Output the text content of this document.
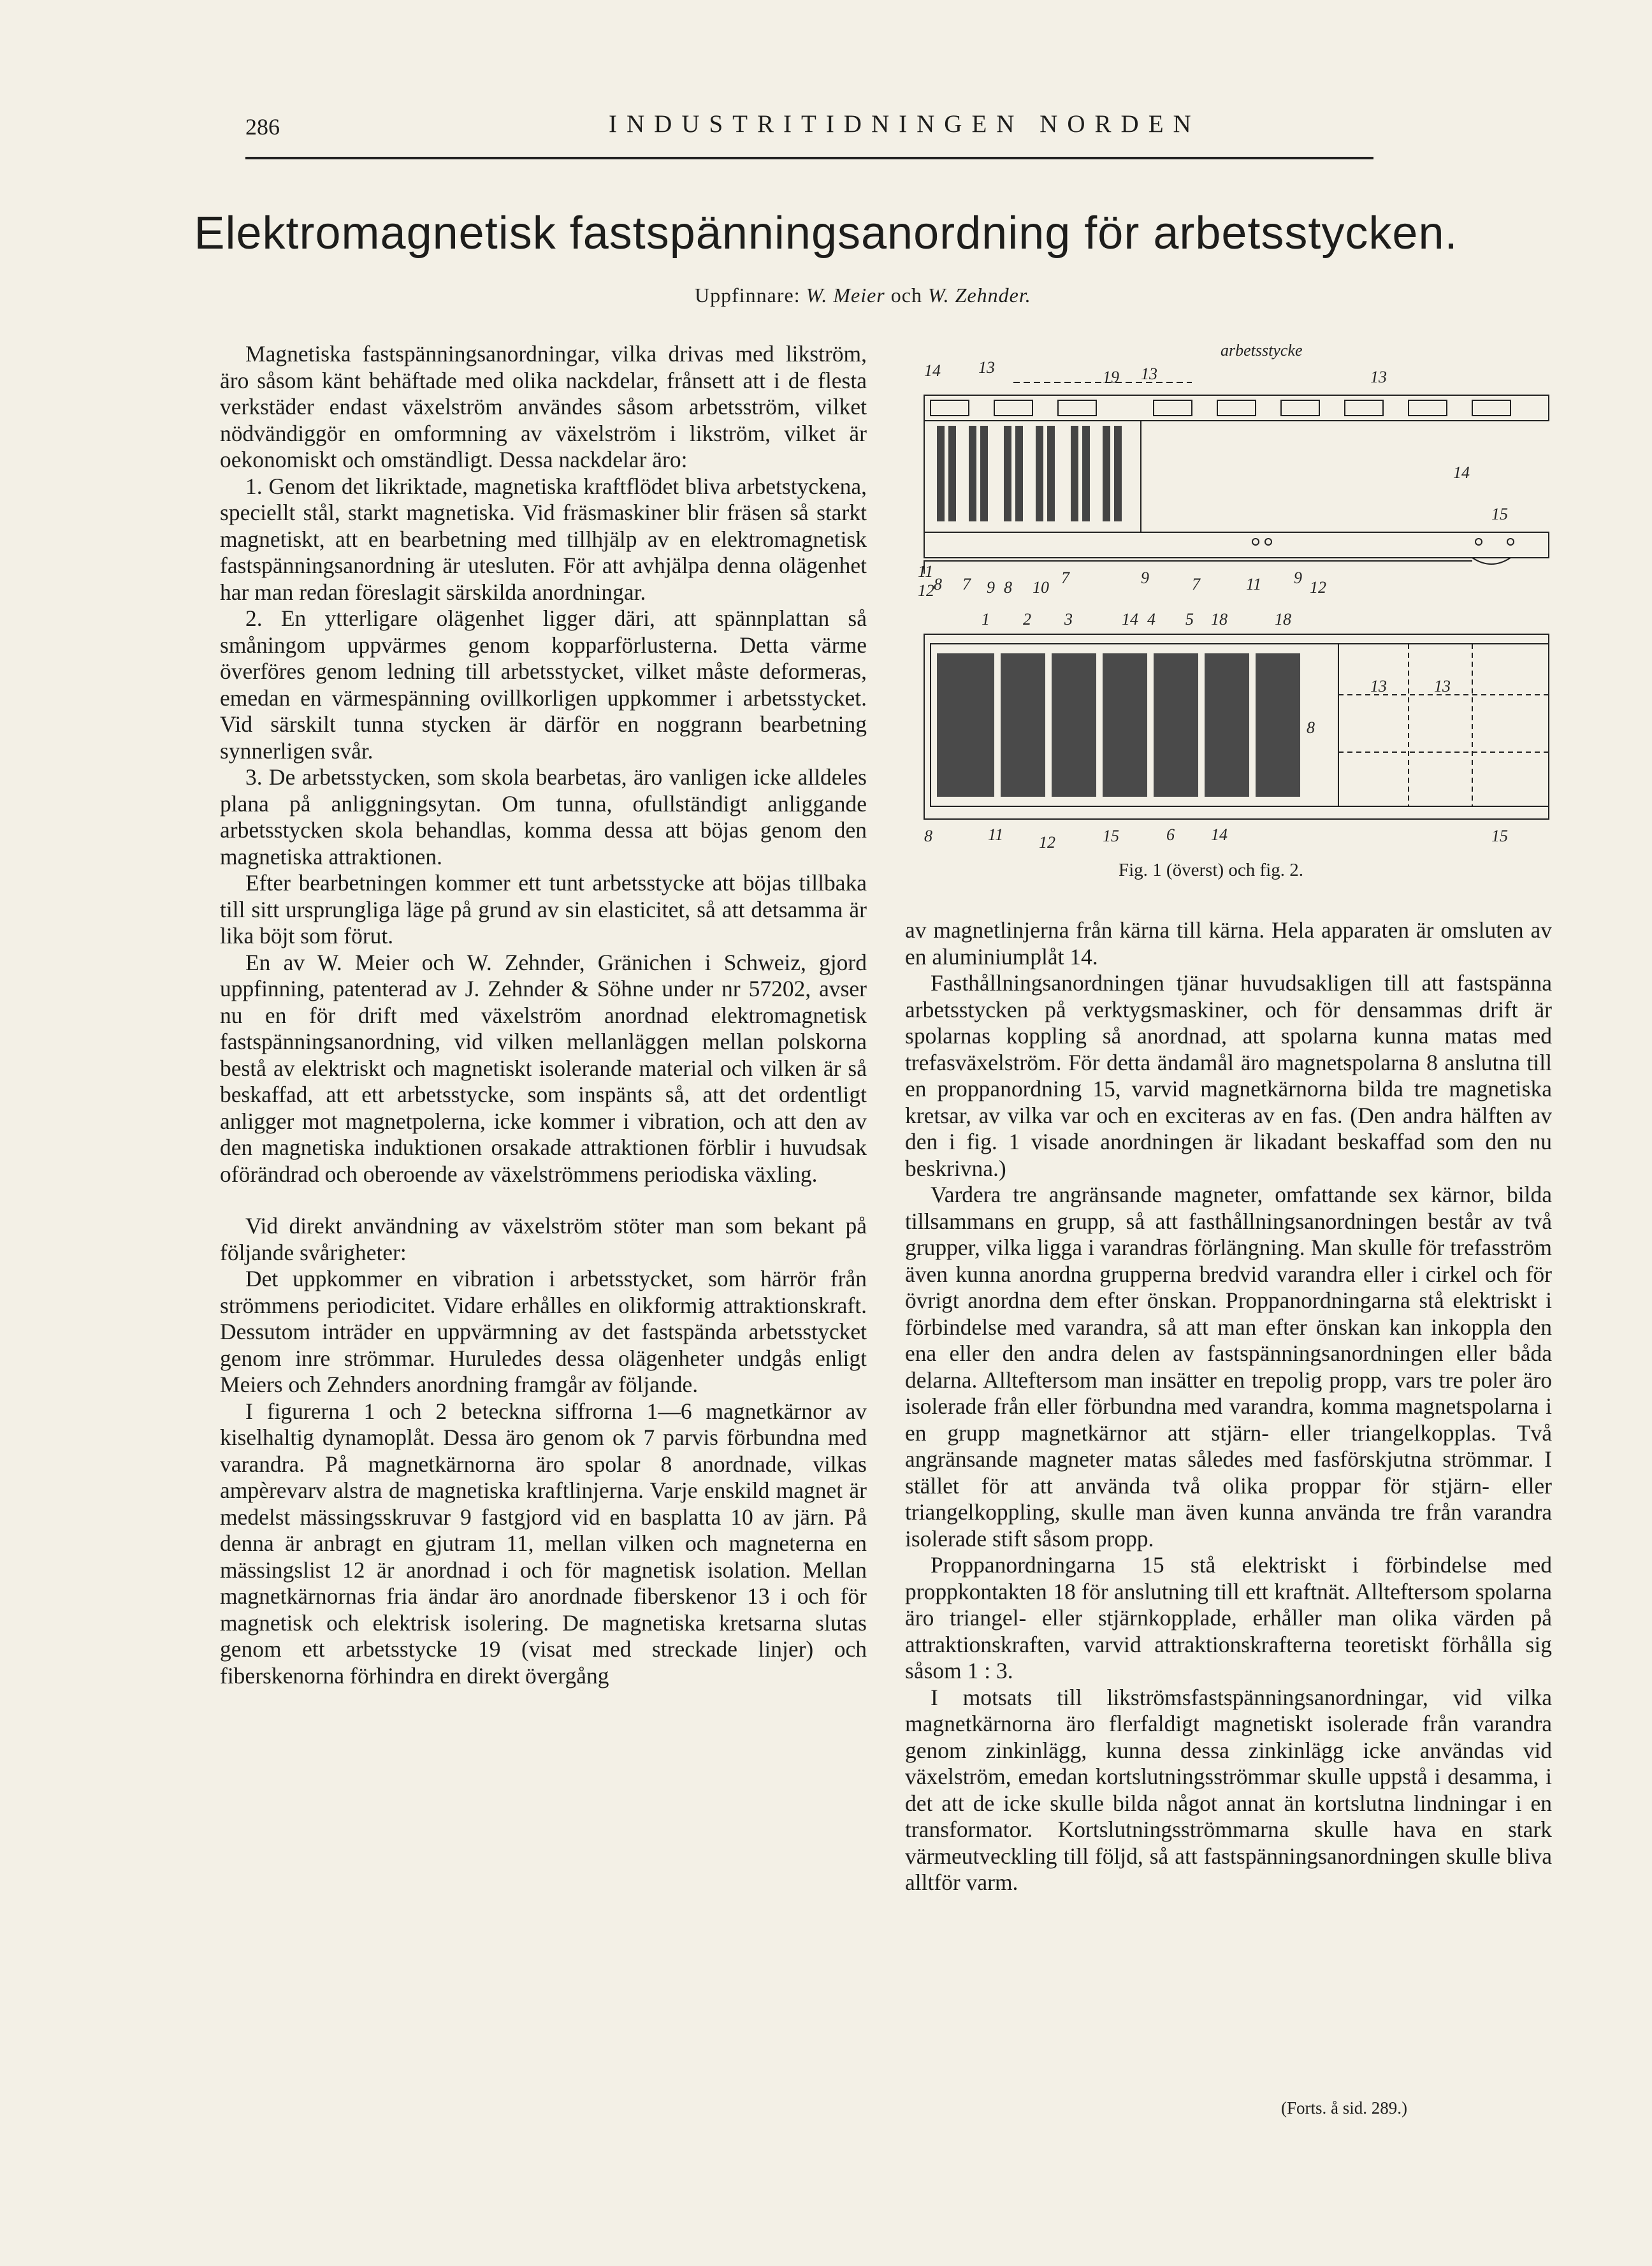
286	INDUSTRITIDNINGEN NORDEN
Elektromagnetisk fastspänningsanordning för arbetsstycken.
Uppfinnare: W. Meier och W. Zehnder.

Magnetiska fastspänningsanordningar, vilka drivas med likström, äro såsom känt behäftade med olika nackdelar, frånsett att i de flesta verkstäder endast växelström användes såsom arbetsström, vilket nödvändiggör en omformning av växelström i likström, vilket är oekonomiskt och omständligt. Dessa nackdelar äro:

1. Genom det likriktade, magnetiska kraftflödet bliva arbetstyckena, speciellt stål, starkt magnetiska. Vid fräsmaskiner blir fräsen så starkt magnetiskt, att en bearbetning med tillhjälp av en elektromagnetisk fastspänningsanordning är utesluten. För att avhjälpa denna olägenhet har man redan föreslagit särskilda anordningar.

2. En ytterligare olägenhet ligger däri, att spännplattan så småningom uppvärmes genom kopparförlusterna. Detta värme överföres genom ledning till arbetsstycket, vilket måste deformeras, emedan en värmespänning ovillkorligen uppkommer i arbetsstycket. Vid särskilt tunna stycken är därför en noggrann bearbetning synnerligen svår.

3. De arbetsstycken, som skola bearbetas, äro vanligen icke alldeles plana på anliggningsytan. Om tunna, ofullständigt anliggande arbetsstycken skola behandlas, komma dessa att böjas genom den magnetiska attraktionen.

Efter bearbetningen kommer ett tunt arbetsstycke att böjas tillbaka till sitt ursprungliga läge på grund av sin elasticitet, så att detsamma är lika böjt som förut.

En av W. Meier och W. Zehnder, Gränichen i Schweiz, gjord uppfinning, patenterad av J. Zehnder & Söhne under nr 57202, avser nu en för drift med växelström anordnad elektromagnetisk fastspänningsanordning, vid vilken mellanläggen mellan polskorna bestå av elektriskt och magnetiskt isolerande material och vilken är så beskaffad, att ett arbetsstycke, som inspänts så, att det ordentligt anligger mot magnetpolerna, icke kommer i vibration, och att den av den magnetiska induktionen orsakade attraktionen förblir i huvudsak oförändrad och oberoende av växelströmmens periodiska växling.

Vid direkt användning av växelström stöter man som bekant på följande svårigheter:

Det uppkommer en vibration i arbetsstycket, som härrör från strömmens periodicitet. Vidare erhålles en olikformig attraktionskraft. Dessutom inträder en uppvärmning av det fastspända arbetsstycket genom inre strömmar. Huruledes dessa olägenheter undgås enligt Meiers och Zehnders anordning framgår av följande.

I figurerna 1 och 2 beteckna siffrorna 1—6 magnetkärnor av kiselhaltig dynamoplåt. Dessa äro genom ok 7 parvis förbundna med varandra. På magnetkärnorna äro spolar 8 anordnade, vilkas ampèrevarv alstra de magnetiska kraftlinjerna. Varje enskild magnet är medelst mässingsskruvar 9 fastgjord vid en basplatta 10 av järn. På denna är anbragt en gjutram 11, mellan vilken och magneterna en mässingslist 12 är anordnad i och för magnetisk isolation. Mellan magnetkärnornas fria ändar äro anordnade fiberskenor 13 i och för magnetisk och elektrisk isolering. De magnetiska kretsarna slutas genom ett arbetsstycke 19 (visat med streckade linjer) och fiberskenorna förhindra en direkt övergång

arbetsstycke
14 13
19 13	13
14
15
11
12 8 7 9 8 10
7	9	7	11 9
12
1 2 3	14 4 5 18	18
13	13
8
8	11 12	15	6 14	15
Fig. 1 (överst) och fig. 2.

av magnetlinjerna från kärna till kärna. Hela apparaten är omsluten av en aluminiumplåt 14.

Fasthållningsanordningen tjänar huvudsakligen till att fastspänna arbetsstycken på verktygsmaskiner, och för densammas drift är spolarnas koppling så anordnad, att spolarna kunna matas med trefasväxelström. För detta ändamål äro magnetspolarna 8 anslutna till en proppanordning 15, varvid magnetkärnorna bilda tre magnetiska kretsar, av vilka var och en exciteras av en fas. (Den andra hälften av den i fig. 1 visade anordningen är likadant beskaffad som den nu beskrivna.)

Vardera tre angränsande magneter, omfattande sex kärnor, bilda tillsammans en grupp, så att fasthållningsanordningen består av två grupper, vilka ligga i varandras förlängning. Man skulle för trefasström även kunna anordna grupperna bredvid varandra eller i cirkel och för övrigt anordna dem efter önskan. Proppanordningarna stå elektriskt i förbindelse med varandra, så att man efter önskan kan inkoppla den ena eller den andra delen av fastspänningsanordningen eller båda delarna. Allteftersom man insätter en trepolig propp, vars tre poler äro isolerade från eller förbundna med varandra, komma magnetspolarna i en grupp magnetkärnor att stjärn- eller triangelkopplas. Två angränsande magneter matas således med fasförskjutna strömmar. I stället för att använda två olika proppar för stjärn- eller triangelkoppling, skulle man även kunna använda tre från varandra isolerade stift såsom propp.

Proppanordningarna 15 stå elektriskt i förbindelse med proppkontakten 18 för anslutning till ett kraftnät. Allteftersom spolarna äro triangel- eller stjärnkopplade, erhåller man olika värden på attraktionskraften, varvid attraktionskrafterna teoretiskt förhålla sig såsom 1 : 3.

I motsats till likströmsfastspänningsanordningar, vid vilka magnetkärnorna äro flerfaldigt magnetiskt isolerade från varandra genom zinkinlägg, kunna dessa zinkinlägg icke användas vid växelström, emedan kortslutningsströmmar skulle uppstå i desamma, i det att de icke skulle bilda något annat än kortslutna lindningar i en transformator. Kortslutningsströmmarna skulle hava en stark värmeutveckling till följd, så att fastspänningsanordningen skulle bliva alltför varm.

(Forts. å sid. 289.)
